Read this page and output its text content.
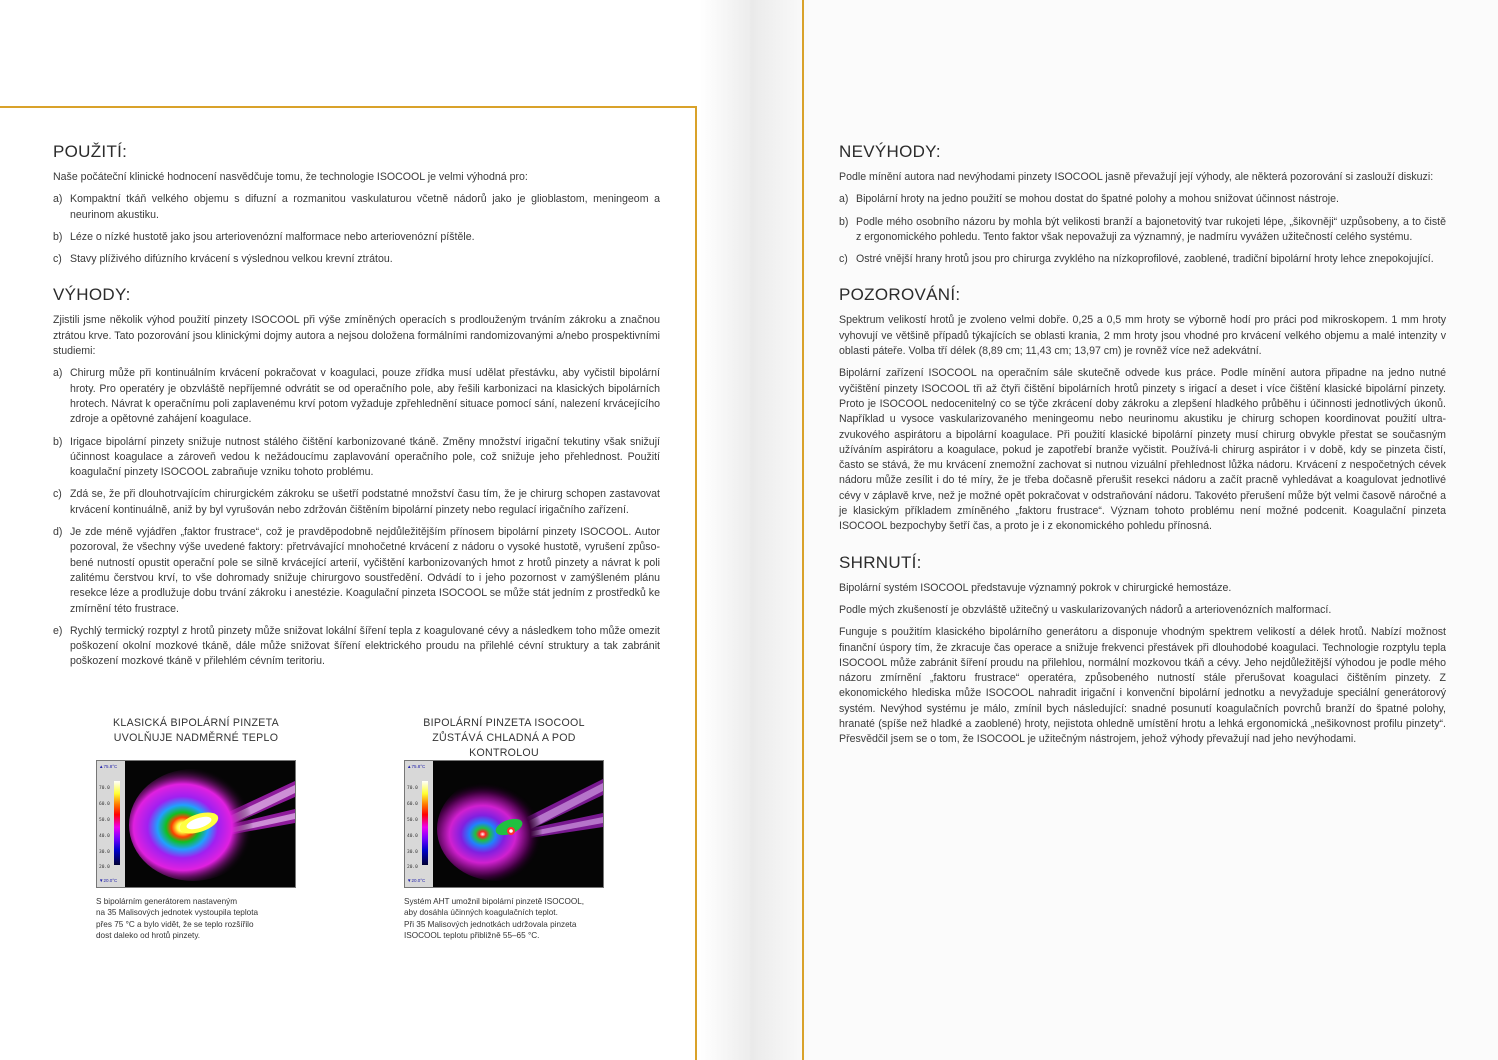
POUŽITÍ:

Naše počáteční klinické hodnocení nasvědčuje tomu, že technologie ISOCOOL je velmi výhodná pro:

a) Kompaktní tkáň velkého objemu s difuzní a rozmanitou vaskulaturou včetně nádorů jako je glioblastom, meningeom a neurinom akustiku.
b) Léze o nízké hustotě jako jsou arteriovenózní malformace nebo arteriovenózní píštěle.
c) Stavy plíživého difúzního krvácení s výslednou velkou krevní ztrátou.
VÝHODY:

Zjistili jsme několik výhod použití pinzety ISOCOOL při výše zmíněných operacích s prodlouženým trváním zákroku a značnou ztrátou krve. Tato pozorování jsou klinickými dojmy autora a nejsou doložena formálními randomizovanými a/nebo prospektivními studiemi:

a) Chirurg může při kontinuálním krvácení pokračovat v koagulaci, pouze zřídka musí udělat přestávku, aby vyčistil bipolární hroty. Pro operatéry je obzvláště nepříjemné odvrátit se od operačního pole, aby řešili karbonizaci na klasických bipolárních hrotech. Návrat k operačnímu poli zaplavenému krví potom vyžaduje zpřehlednění situace pomocí sání, nalezení krvácejícího zdroje a opětovné zahájení koagulace.
b) Irigace bipolární pinzety snižuje nutnost stálého čištění karbonizované tkáně. Změny množství irigační tekutiny však snižují účinnost koagulace a zároveň vedou k nežádoucímu zaplavování operačního pole, což snižuje jeho přehlednost. Použití koagulační pinzety ISOCOOL zabraňuje vzniku tohoto problému.
c) Zdá se, že při dlouhotrvajícím chirurgickém zákroku se ušetří podstatné množství času tím, že je chirurg schopen zastavovat krvácení kontinuálně, aniž by byl vyrušován nebo zdržován čištěním bipolární pinzety nebo regulací irigačního zařízení.
d) Je zde méně vyjádřen „faktor frustrace“, což je pravděpodobně nejdůležitějším přínosem bipolární pinzety ISOCOOL. Autor pozoroval, že všechny výše uvedené faktory: přetrvávající mnohočetné krvácení z nádoru o vysoké hustotě, vyrušení způsobené nutností opustit operační pole se silně krvácející arterií, vyčištění karbonizovaných hmot z hrotů pinzety a návrat k poli zalitému čerstvou krví, to vše dohromady snižuje chirurgovo soustředění. Odvádí to i jeho pozornost v zamýšleném plánu resekce léze a prodlužuje dobu trvání zákroku i anestézie. Koagulační pinzeta ISOCOOL se může stát jedním z prostředků ke zmírnění této frustrace.
e) Rychlý termický rozptyl z hrotů pinzety může snižovat lokální šíření tepla z koagulované cévy a následkem toho může omezit poškození okolní mozkové tkáně, dále může snižovat šíření elektrického proudu na přilehlé cévní struktury a tak zabránit poškození mozkové tkáně v přilehlém cévním teritoriu.
KLASICKÁ BIPOLÁRNÍ PINZETA
UVOLŇUJE NADMĚRNÉ TEPLO
▲75.8°C
70.0
60.0
50.0
40.0
30.0
20.0
▼20.0°C
S bipolárním generátorem nastaveným
na 35 Malisových jednotek vystoupila teplota
přes 75 °C a bylo vidět, že se teplo rozšířilo
dost daleko od hrotů pinzety.
BIPOLÁRNÍ PINZETA ISOCOOL
ZŮSTÁVÁ CHLADNÁ A POD KONTROLOU
▲75.8°C
70.0
60.0
50.0
40.0
30.0
20.0
▼20.0°C
Systém AHT umožnil bipolární pinzetě ISOCOOL,
aby dosáhla účinných koagulačních teplot.
Při 35 Malisových jednotkách udržovala pinzeta
ISOCOOL teplotu přibližně 55–65 °C.
NEVÝHODY:

Podle mínění autora nad nevýhodami pinzety ISOCOOL jasně převažují její výhody, ale některá pozorování si zaslouží diskuzi:

a) Bipolární hroty na jedno použití se mohou dostat do špatné polohy a mohou snižovat účinnost nástroje.
b) Podle mého osobního názoru by mohla být velikosti branží a bajonetovitý tvar rukojeti lépe, „šikovněji“ uzpůsobeny, a to čistě z ergonomického pohledu. Tento faktor však nepovažuji za významný, je nadmíru vyvážen užitečností celého systému.
c) Ostré vnější hrany hrotů jsou pro chirurga zvyklého na nízkoprofilové, zaoblené, tradiční bipolární hroty lehce znepokojující.
POZOROVÁNÍ:

Spektrum velikostí hrotů je zvoleno velmi dobře. 0,25 a 0,5 mm hroty se výborně hodí pro práci pod mikroskopem. 1 mm hroty vyhovují ve většině případů týkajících se oblasti krania, 2 mm hroty jsou vhodné pro krvácení velkého objemu a malé intenzity v oblasti páteře. Volba tří délek (8,89 cm; 11,43 cm; 13,97 cm) je rovněž více než adekvátní.

Bipolární zařízení ISOCOOL na operačním sále skutečně odvede kus práce. Podle mínění autora připadne na jedno nutné vyčištění pinzety ISOCOOL tři až čtyři čištění bipolárních hrotů pinzety s irigací a deset i více čištění klasické bipolární pinzety. Proto je ISOCOOL nedocenitelný co se týče zkrácení doby zákroku a zlepšení hladkého průběhu i účinnosti jednotlivých úkonů. Například u vysoce vaskularizovaného meningeomu nebo neurinomu akustiku je chirurg schopen koordinovat použití ultrazvukového aspirátoru a bipolární koagulace. Při použití klasické bipolární pinzety musí chirurg obvykle přestat se současným užíváním aspirátoru a koagulace, pokud je zapotřebí branže vyčistit. Používá-li chirurg aspirátor i v době, kdy se pinzeta čistí, často se stává, že mu krvácení znemožní zachovat si nutnou vizuální přehlednost lůžka nádoru. Krvácení z nespočetných cévek nádoru může zesílit i do té míry, že je třeba dočasně přerušit resekci nádoru a začít pracně vyhledávat a koagulovat jednotlivé cévy v záplavě krve, než je možné opět pokračovat v odstraňování nádoru. Takovéto přerušení může být velmi časově náročné a je klasickým příkladem zmíněného „faktoru frustrace“. Význam tohoto problému není možné podcenit. Koagulační pinzeta ISOCOOL bezpochyby šetří čas, a proto je i z ekonomického pohledu přínosná.

SHRNUTÍ:

Bipolární systém ISOCOOL představuje významný pokrok v chirurgické hemostáze.

Podle mých zkušeností je obzvláště užitečný u vaskularizovaných nádorů a arteriovenózních malformací.

Funguje s použitím klasického bipolárního generátoru a disponuje vhodným spektrem velikostí a délek hrotů. Nabízí možnost finanční úspory tím, že zkracuje čas operace a snižuje frekvenci přestávek při dlouhodobé koagulaci. Technologie rozptylu tepla ISOCOOL může zabránit šíření proudu na přilehlou, normální mozkovou tkáň a cévy. Jeho nejdůležitější výhodou je podle mého názoru zmírnění „faktoru frustrace“ operatéra, způsobeného nutností stále přerušovat koagulaci čištěním pinzety. Z ekonomického hlediska může ISOCOOL nahradit irigační i konvenční bipolární jednotku a nevyžaduje speciální generátorový systém. Nevýhod systému je málo, zmínil bych následující: snadné posunutí koagulačních povrchů branží do špatné polohy, hranaté (spíše než hladké a zaoblené) hroty, nejistota ohledně umístění hrotu a lehká ergonomická „nešikovnost profilu pinzety“. Přesvědčil jsem se o tom, že ISOCOOL je užitečným nástrojem, jehož výhody převažují nad jeho nevýhodami.
